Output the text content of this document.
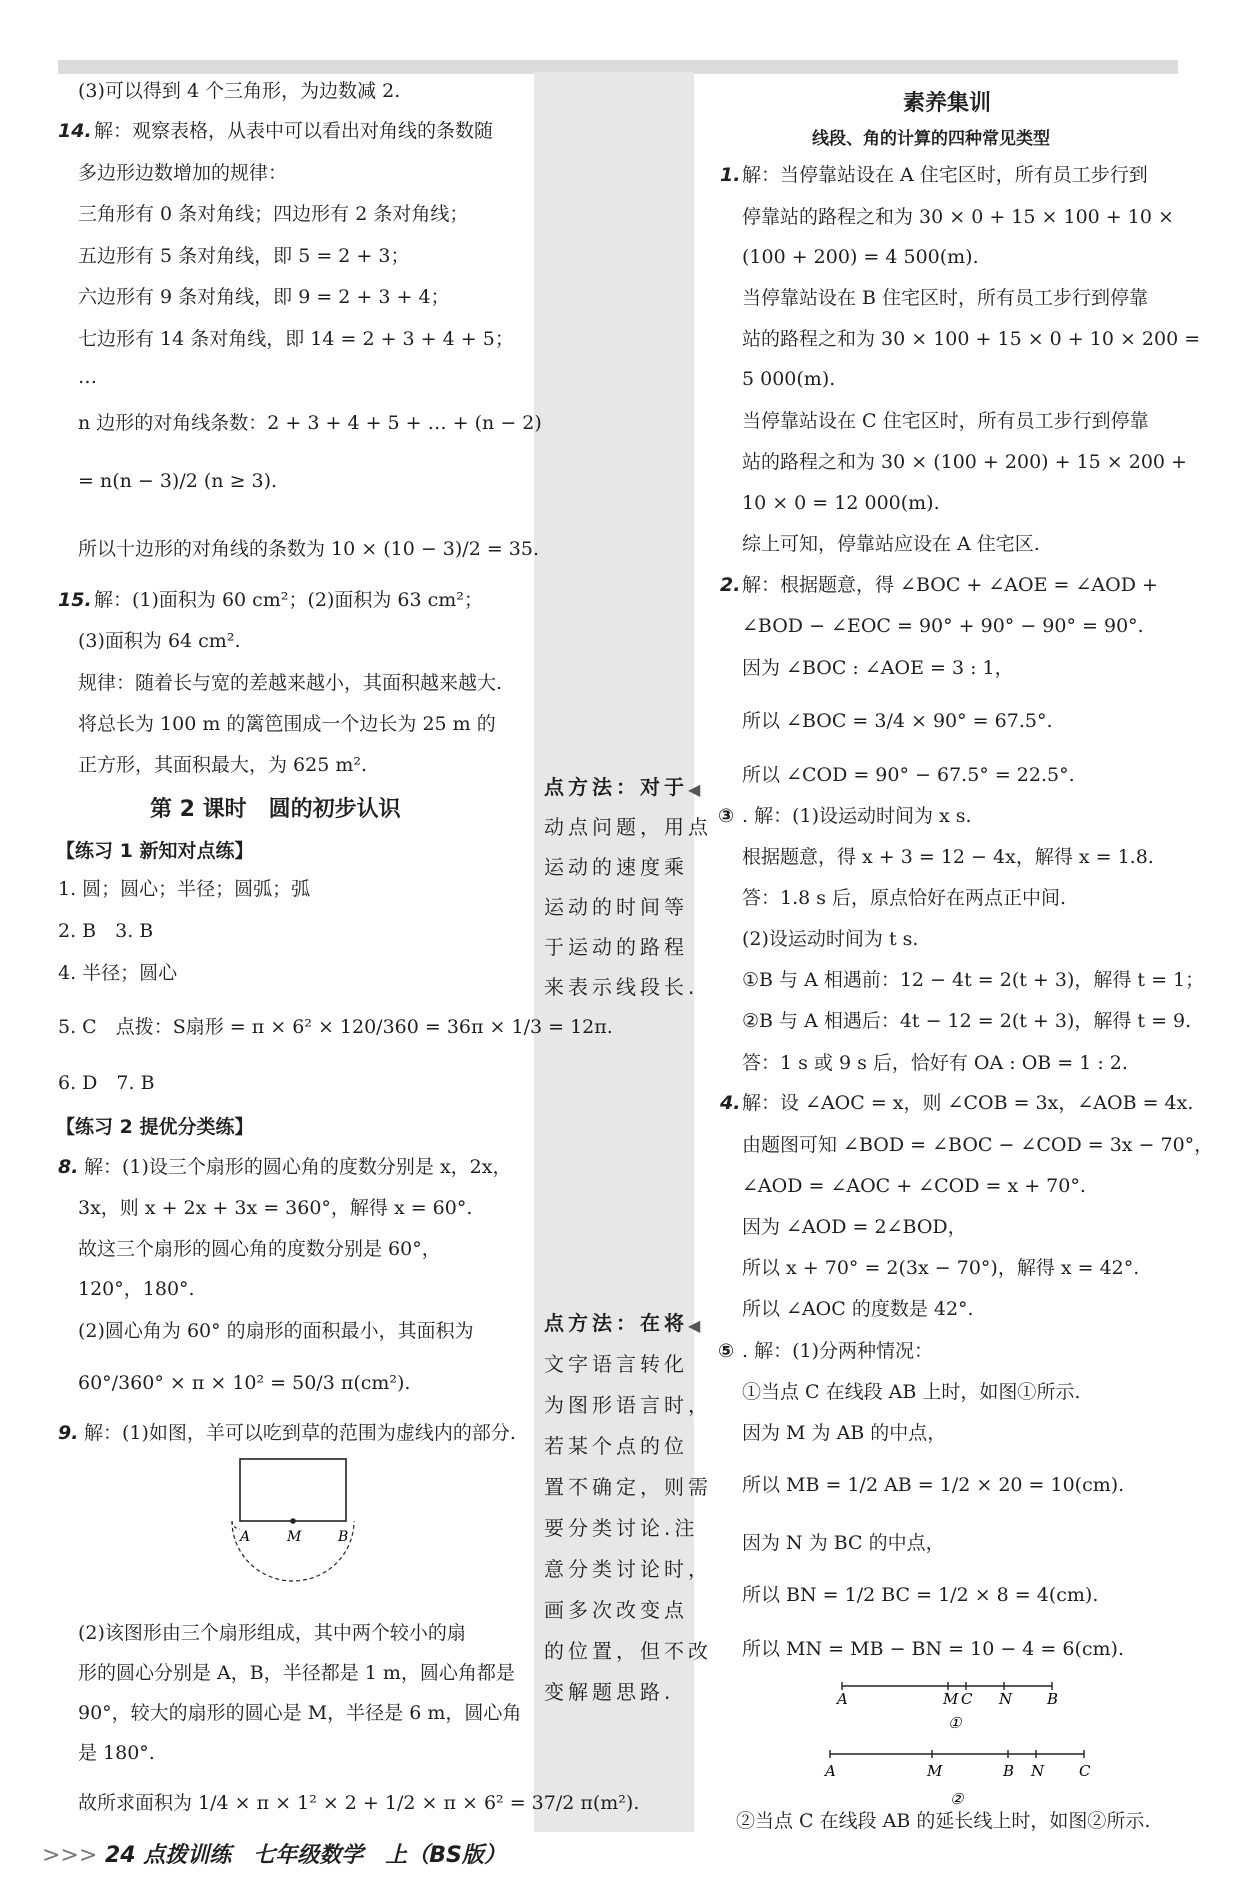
(3)可以得到 4 个三角形，为边数减 2.
14. 解：观察表格，从表中可以看出对角线的条数随
多边形边数增加的规律：
三角形有 0 条对角线；四边形有 2 条对角线；
五边形有 5 条对角线，即 5 = 2 + 3；
六边形有 9 条对角线，即 9 = 2 + 3 + 4；
七边形有 14 条对角线，即 14 = 2 + 3 + 4 + 5；
…
n 边形的对角线条数：2 + 3 + 4 + 5 + … + (n − 2)
= n(n − 3)/2 (n ≥ 3).
所以十边形的对角线的条数为 10 × (10 − 3)/2 = 35.
15. 解：(1)面积为 60 cm²；(2)面积为 63 cm²；
(3)面积为 64 cm².
规律：随着长与宽的差越来越小，其面积越来越大.
将总长为 100 m 的篱笆围成一个边长为 25 m 的
正方形，其面积最大，为 625 m².
第 2 课时　圆的初步认识
【练习 1 新知对点练】
1. 圆；圆心；半径；圆弧；弧
2. B　3. B
4. 半径；圆心
5. C　点拨：S扇形 = π × 6² × 120/360 = 36π × 1/3 = 12π.
6. D　7. B
【练习 2 提优分类练】
8. 解：(1)设三个扇形的圆心角的度数分别是 x，2x，
3x，则 x + 2x + 3x = 360°，解得 x = 60°.
故这三个扇形的圆心角的度数分别是 60°，
120°，180°.
(2)圆心角为 60° 的扇形的面积最小，其面积为
60°/360° × π × 10² = 50/3 π(cm²).
9. 解：(1)如图，羊可以吃到草的范围为虚线内的部分.
A	M	B
(2)该图形由三个扇形组成，其中两个较小的扇
形的圆心分别是 A，B，半径都是 1 m，圆心角都是
90°，较大的扇形的圆心是 M，半径是 6 m，圆心角
是 180°.
故所求面积为 1/4 × π × 1² × 2 + 1/2 × π × 6² = 37/2 π(m²).
点方法：对于
动点问题，用点
运动的速度乘
运动的时间等
于运动的路程
来表示线段长.
◀
点方法：在将
文字语言转化
为图形语言时，
若某个点的位
置不确定，则需
要分类讨论.注
意分类讨论时，
画多次改变点
的位置，但不改
变解题思路.
◀
素养集训
线段、角的计算的四种常见类型
1. 解：当停靠站设在 A 住宅区时，所有员工步行到
停靠站的路程之和为 30 × 0 + 15 × 100 + 10 ×
(100 + 200) = 4 500(m).
当停靠站设在 B 住宅区时，所有员工步行到停靠
站的路程之和为 30 × 100 + 15 × 0 + 10 × 200 =
5 000(m).
当停靠站设在 C 住宅区时，所有员工步行到停靠
站的路程之和为 30 × (100 + 200) + 15 × 200 +
10 × 0 = 12 000(m).
综上可知，停靠站应设在 A 住宅区.
2. 解：根据题意，得 ∠BOC + ∠AOE = ∠AOD +
∠BOD − ∠EOC = 90° + 90° − 90° = 90°.
因为 ∠BOC : ∠AOE = 3 : 1，
所以 ∠BOC = 3/4 × 90° = 67.5°.
所以 ∠COD = 90° − 67.5° = 22.5°.
③ . 解：(1)设运动时间为 x s.
根据题意，得 x + 3 = 12 − 4x，解得 x = 1.8.
答：1.8 s 后，原点恰好在两点正中间.
(2)设运动时间为 t s.
①B 与 A 相遇前：12 − 4t = 2(t + 3)，解得 t = 1；
②B 与 A 相遇后：4t − 12 = 2(t + 3)，解得 t = 9.
答：1 s 或 9 s 后，恰好有 OA : OB = 1 : 2.
4. 解：设 ∠AOC = x，则 ∠COB = 3x，∠AOB = 4x.
由题图可知 ∠BOD = ∠BOC − ∠COD = 3x − 70°，
∠AOD = ∠AOC + ∠COD = x + 70°.
因为 ∠AOD = 2∠BOD，
所以 x + 70° = 2(3x − 70°)，解得 x = 42°.
所以 ∠AOC 的度数是 42°.
⑤ . 解：(1)分两种情况：
①当点 C 在线段 AB 上时，如图①所示.
因为 M 为 AB 的中点，
所以 MB = 1/2 AB = 1/2 × 20 = 10(cm).
因为 N 为 BC 的中点，
所以 BN = 1/2 BC = 1/2 × 8 = 4(cm).
所以 MN = MB − BN = 10 − 4 = 6(cm).
A	M C N B
①
A	M	B N C
②
②当点 C 在线段 AB 的延长线上时，如图②所示.
>>> 24 点拨训练　七年级数学　上（BS版）
